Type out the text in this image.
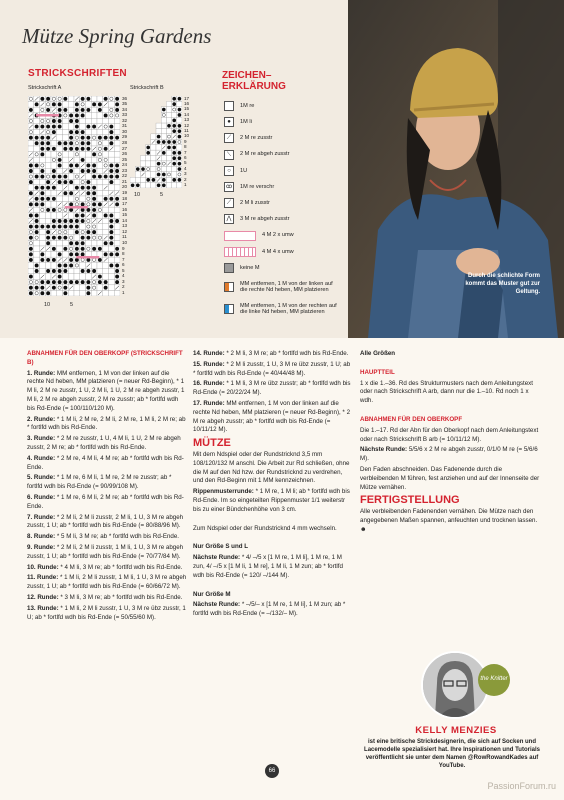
Mütze Spring Gardens
STRICKSCHRIFTEN
Strickschrift A	Strickschrift B
36
35
34
33
32
31
30
29
28
27
26
25
24
23
22
21
20
19
18
17
16
15
14
13
12
11
10
9
8
7
6
5
4
3
2
1
10	5
17
16
15
14
13
12
11
10
9
8
7
6
5
4
3
2
1
10	5
ZEICHEN–
ERKLÄRUNG
1M re
●	1M li
⟋	2 M re zusstr
⟍	2 M re abgeh zusstr
○	1U
ꝏ	1M re verschr
⟋	2 M li zusstr
⋀	3 M re abgeh zusstr
4 M 2 x umw
4 M 4 x umw
keine M
MM entfernen, 1 M von der linken auf die rechte Nd heben, MM platzieren
MM entfernen, 1 M von der rechten auf die linke Nd heben, MM platzieren
Durch die schlichte Form kommt das Muster gut zur Geltung.
ABNAHMEN FÜR DEN OBERKOPF (STRICKSCHRIFT B)

1. Runde: MM entfernen, 1 M von der linken auf die rechte Nd heben, MM platzieren (= neuer Rd-Beginn), * 1 M li, 2 M re zusstr, 1 U, 2 M li, 1 U, 2 M re abgeh zusstr, 1 M li, 2 M re abgeh zusstr, 2 M re zusstr; ab * fortlfd wdh bis Rd-Ende (= 100/110/120 M).

2. Runde: * 1 M li, 2 M re, 2 M li, 2 M re, 1 M li, 2 M re; ab * fortlfd wdh bis Rd-Ende.

3. Runde: * 2 M re zusstr, 1 U, 4 M li, 1 U, 2 M re abgeh zusstr, 2 M re; ab * fortlfd wdh bis Rd-Ende.

4. Runde: * 2 M re, 4 M li, 4 M re; ab * fortlfd wdh bis Rd-Ende.

5. Runde: * 1 M re, 6 M li, 1 M re, 2 M re zusstr; ab * fortlfd wdh bis Rd-Ende (= 90/99/108 M).

6. Runde: * 1 M re, 6 M li, 2 M re; ab * fortlfd wdh bis Rd-Ende.

7. Runde: * 2 M li, 2 M li zusstr, 2 M li, 1 U, 3 M re abgeh zusstr, 1 U; ab * fortlfd wdh bis Rd-Ende (= 80/88/96 M).

8. Runde: * 5 M li, 3 M re; ab * fortlfd wdh bis Rd-Ende.

9. Runde: * 2 M li, 2 M li zusstr, 1 M li, 1 U, 3 M re abgeh zusstr, 1 U; ab * fortlfd wdh bis Rd-Ende (= 70/77/84 M).

10. Runde: * 4 M li, 3 M re; ab * fortlfd wdh bis Rd-Ende.

11. Runde: * 1 M li, 2 M li zusstr, 1 M li, 1 U, 3 M re abgeh zusstr, 1 U; ab * fortlfd wdh bis Rd-Ende (= 60/66/72 M).

12. Runde: * 3 M li, 3 M re; ab * fortlfd wdh bis Rd-Ende.

13. Runde: * 1 M li, 2 M li zusstr, 1 U, 3 M re übz zusstr, 1 U; ab * fortlfd wdh bis Rd-Ende (= 50/55/60 M).

14. Runde: * 2 M li, 3 M re; ab * fortlfd wdh bis Rd-Ende.

15. Runde: * 2 M li zusstr, 1 U, 3 M re übz zusstr, 1 U; ab * fortlfd wdh bis Rd-Ende (= 40/44/48 M).

16. Runde: * 1 M li, 3 M re übz zusstr; ab * fortlfd wdh bis Rd-Ende (= 20/22/24 M).

17. Runde: MM entfernen, 1 M von der linken auf die rechte Nd heben, MM platzieren (= neuer Rd-Beginn), * 2 M re abgeh zusstr; ab * fortlfd wdh bis Rd-Ende (= 10/11/12 M).

MÜTZE

Mit dem Ndspiel oder der Rundstricknd 3,5 mm 108/120/132 M anschl. Die Arbeit zur Rd schließen, ohne die M auf den Nd hzw. der Rundstricknd zu verdrehen, und den Rd-Beginn mit 1 MM kennzeichnen.

Rippenmusterrunde: * 1 M re, 1 M li; ab * fortlfd wdh bis Rd-Ende. Im so eingeteilten Rippenmuster 1/1 weiterstr bis zu einer Bündchenhöhe von 3 cm.

Zum Ndspiel oder der Rundstricknd 4 mm wechseln.

Nur Größe S und L

Nächste Runde: * 4/ –/5 x [1 M re, 1 M li], 1 M re, 1 M zun, 4/ –/5 x [1 M li, 1 M re], 1 M li, 1 M zun; ab * fortlfd wdh bis Rd-Ende (= 120/ –/144 M).

Nur Größe M

Nächste Runde: * –/5/– x [1 M re, 1 M li], 1 M zun; ab * fortlfd wdh bis Rd-Ende (= –/132/– M).

Alle Größen

HAUPTTEIL

1 x die 1.–36. Rd des Strukturmusters nach dem Anleitungstext oder nach Strickschrift A arb, dann nur die 1.–10. Rd noch 1 x wdh.

ABNAHMEN FÜR DEN OBERKOPF

Die 1.–17. Rd der Abn für den Oberkopf nach dem Anleitungstext oder nach Strickschrift B arb (= 10/11/12 M).

Nächste Runde: 5/5/6 x 2 M re abgeh zusstr, 0/1/0 M re (= 5/6/6 M).

Den Faden abschneiden. Das Fadenende durch die verbleibenden M führen, fest anziehen und auf der Innenseite der Mütze vernähen.

FERTIGSTELLUNG

Alle verbleibenden Fadenenden vernähen. Die Mütze nach den angegebenen Maßen spannen, anfeuchten und trocknen lassen. ☻

the Knitter
KELLY MENZIES
ist eine britische Strickdesignerin, die sich auf Socken und Lacemodelle spezialisiert hat. Ihre Inspirationen und Tutorials veröffentlicht sie unter dem Namen @RowRowandKades auf YouTube.
66
PassionForum.ru
